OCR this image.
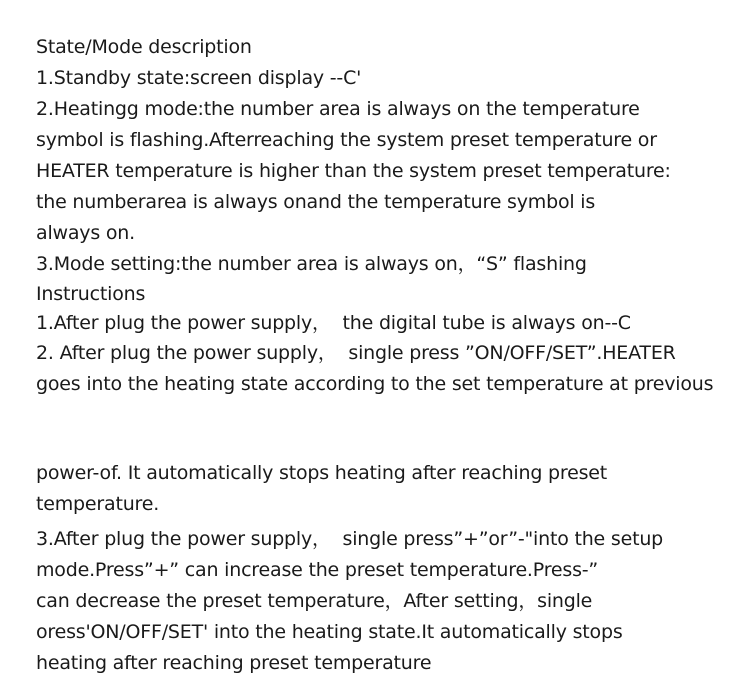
State/Mode description
1.Standby state:screen display --C'
2.Heatingg mode:the number area is always on the temperature
symbol is flashing.Afterreaching the system preset temperature or
HEATER temperature is higher than the system preset temperature:
the numberarea is always onand the temperature symbol is
always on.
3.Mode setting:the number area is always on，“S” flashing
Instructions
1.After plug the power supply，  the digital tube is always on--C
2. After plug the power supply，  single press ”ON/OFF/SET”.HEATER
goes into the heating state according to the set temperature at previous
power-of. It automatically stops heating after reaching preset
temperature.
3.After plug the power supply，  single press”+”or”-"into the setup
mode.Press”+” can increase the preset temperature.Press-”
can decrease the preset temperature，After setting，single
oress'ON/OFF/SET' into the heating state.It automatically stops
heating after reaching preset temperature
